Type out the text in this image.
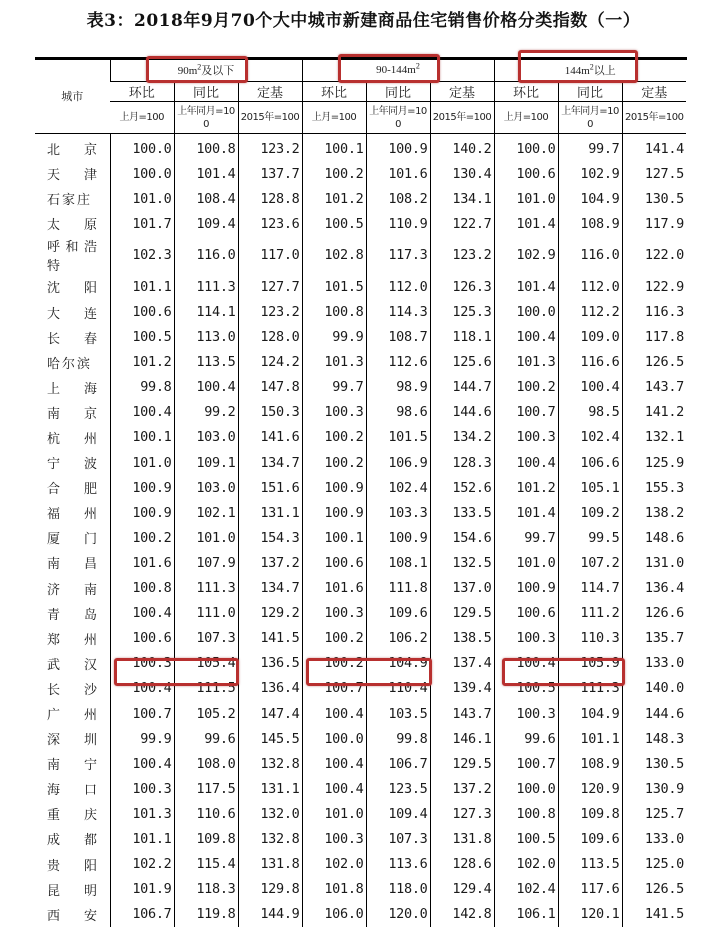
表3：2018年9月70个大中城市新建商品住宅销售价格分类指数（一）
城市	$90m^2$及以下			$90-144m^2$			$144m^2$以上		
	环比	同比	定基	环比	同比	定基	环比	同比	定基
	上月=100	上年同月=100	2015年=100	上月=100	上年同月=100	2015年=100	上月=100	上年同月=100	2015年=100
北京	100.0	100.8	123.2	100.1	100.9	140.2	100.0	99.7	141.4
天津	100.0	101.4	137.7	100.2	101.6	130.4	100.6	102.9	127.5
石家庄	101.0	108.4	128.8	101.2	108.2	134.1	101.0	104.9	130.5
太原	101.7	109.4	123.6	100.5	110.9	122.7	101.4	108.9	117.9
呼和浩特	102.3	116.0	117.0	102.8	117.3	123.2	102.9	116.0	122.0
沈阳	101.1	111.3	127.7	101.5	112.0	126.3	101.4	112.0	122.9
大连	100.6	114.1	123.2	100.8	114.3	125.3	100.0	112.2	116.3
长春	100.5	113.0	128.0	99.9	108.7	118.1	100.4	109.0	117.8
哈尔滨	101.2	113.5	124.2	101.3	112.6	125.6	101.3	116.6	126.5
上海	99.8	100.4	147.8	99.7	98.9	144.7	100.2	100.4	143.7
南京	100.4	99.2	150.3	100.3	98.6	144.6	100.7	98.5	141.2
杭州	100.1	103.0	141.6	100.2	101.5	134.2	100.3	102.4	132.1
宁波	101.0	109.1	134.7	100.2	106.9	128.3	100.4	106.6	125.9
合肥	100.9	103.0	151.6	100.9	102.4	152.6	101.2	105.1	155.3
福州	100.9	102.1	131.1	100.9	103.3	133.5	101.4	109.2	138.2
厦门	100.2	101.0	154.3	100.1	100.9	154.6	99.7	99.5	148.6
南昌	101.6	107.9	137.2	100.6	108.1	132.5	101.0	107.2	131.0
济南	100.8	111.3	134.7	101.6	111.8	137.0	100.9	114.7	136.4
青岛	100.4	111.0	129.2	100.3	109.6	129.5	100.6	111.2	126.6
郑州	100.6	107.3	141.5	100.2	106.2	138.5	100.3	110.3	135.7
武汉	100.3	105.4	136.5	100.2	104.9	137.4	100.4	105.9	133.0
长沙	100.4	111.5	136.4	100.7	110.4	139.4	100.5	111.3	140.0
广州	100.7	105.2	147.4	100.4	103.5	143.7	100.3	104.9	144.6
深圳	99.9	99.6	145.5	100.0	99.8	146.1	99.6	101.1	148.3
南宁	100.4	108.0	132.8	100.4	106.7	129.5	100.7	108.9	130.5
海口	100.3	117.5	131.1	100.4	123.5	137.2	100.0	120.9	130.9
重庆	101.3	110.6	132.0	101.0	109.4	127.3	100.8	109.8	125.7
成都	101.1	109.8	132.8	100.3	107.3	131.8	100.5	109.6	133.0
贵阳	102.2	115.4	131.8	102.0	113.6	128.6	102.0	113.5	125.0
昆明	101.9	118.3	129.8	101.8	118.0	129.4	102.4	117.6	126.5
西安	106.7	119.8	144.9	106.0	120.0	142.8	106.1	120.1	141.5
